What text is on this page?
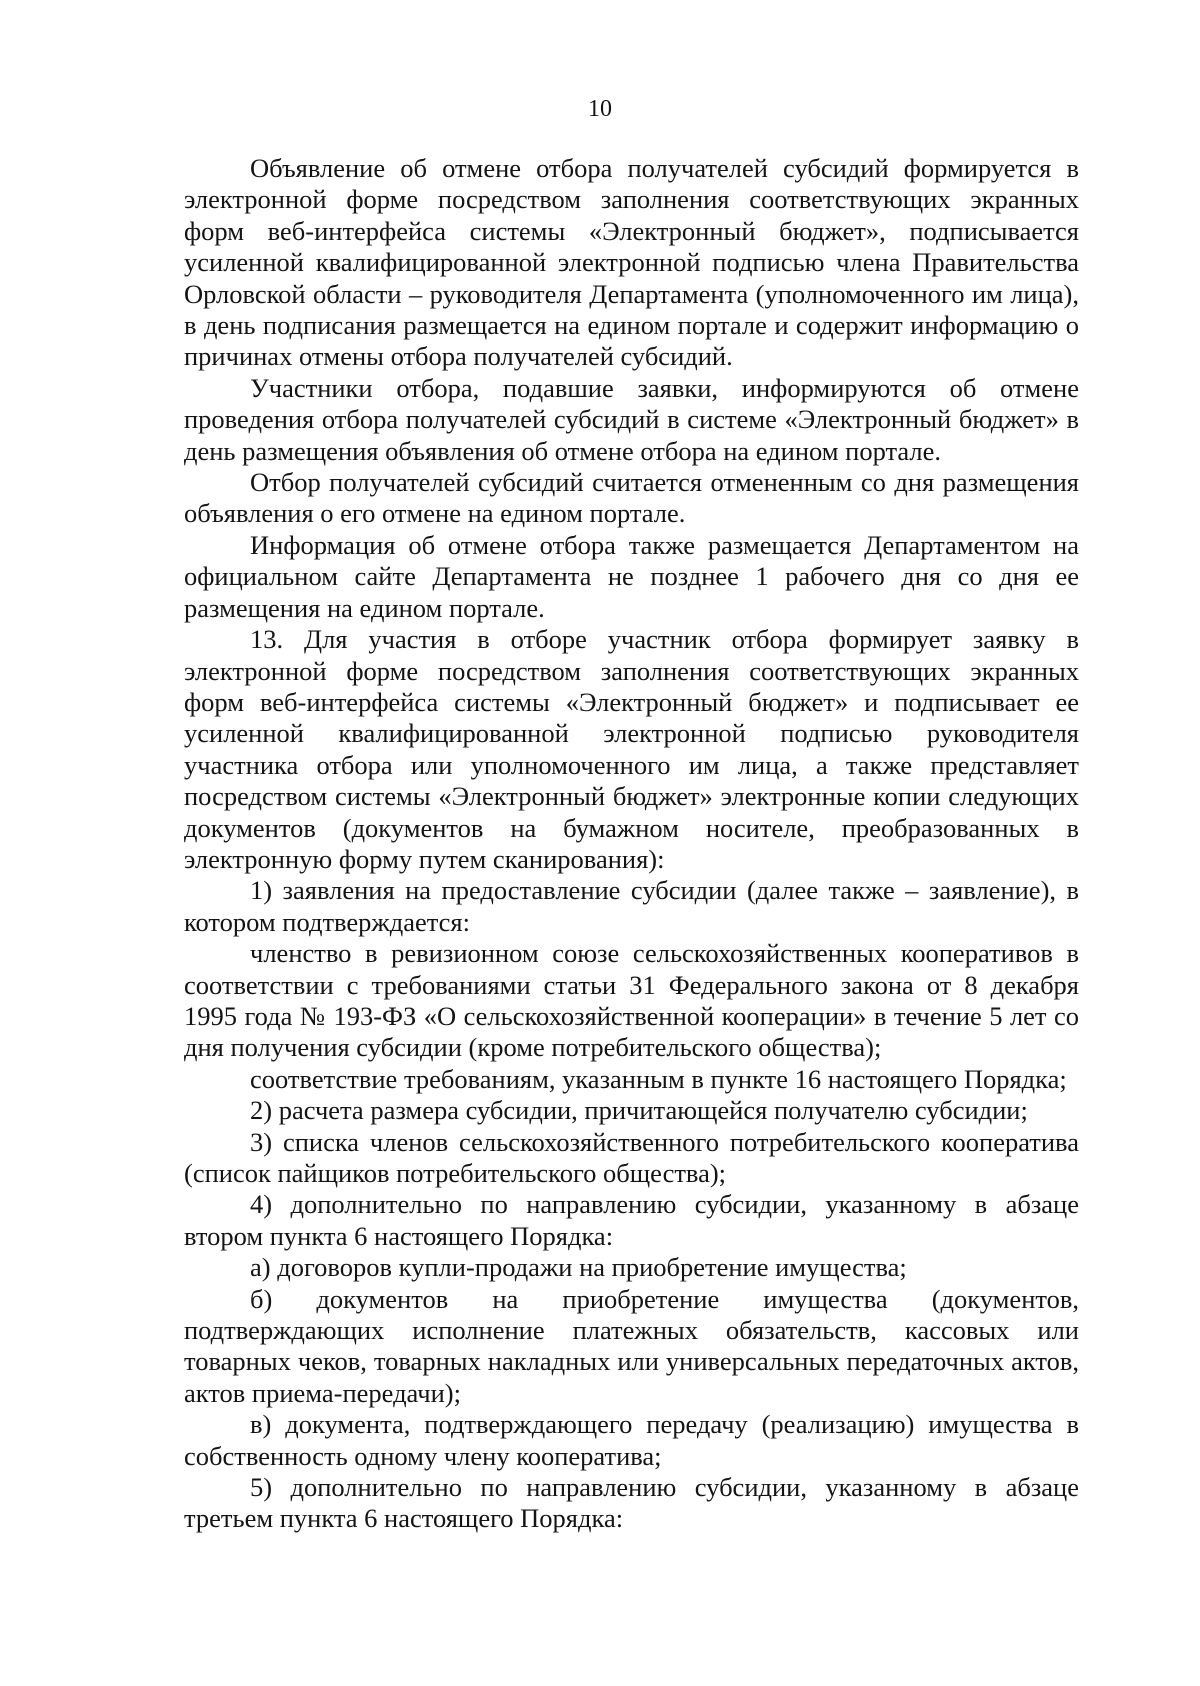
10

Объявление об отмене отбора получателей субсидий формируется в электронной форме посредством заполнения соответствующих экранных форм веб-интерфейса системы «Электронный бюджет», подписывается усиленной квалифицированной электронной подписью члена Правительства Орловской области – руководителя Департамента (уполномоченного им лица), в день подписания размещается на едином портале и содержит информацию о причинах отмены отбора получателей субсидий.

Участники отбора, подавшие заявки, информируются об отмене проведения отбора получателей субсидий в системе «Электронный бюджет» в день размещения объявления об отмене отбора на едином портале.

Отбор получателей субсидий считается отмененным со дня размещения объявления о его отмене на едином портале.

Информация об отмене отбора также размещается Департаментом на официальном сайте Департамента не позднее 1 рабочего дня со дня ее размещения на едином портале.

13. Для участия в отборе участник отбора формирует заявку в электронной форме посредством заполнения соответствующих экранных форм веб-интерфейса системы «Электронный бюджет» и подписывает ее усиленной квалифицированной электронной подписью руководителя участника отбора или уполномоченного им лица, а также представляет посредством системы «Электронный бюджет» электронные копии следующих документов (документов на бумажном носителе, преобразованных в электронную форму путем сканирования):

1) заявления на предоставление субсидии (далее также – заявление), в котором подтверждается:

членство в ревизионном союзе сельскохозяйственных кооперативов в соответствии с требованиями статьи 31 Федерального закона от 8 декабря 1995 года № 193-ФЗ «О сельскохозяйственной кооперации» в течение 5 лет со дня получения субсидии (кроме потребительского общества);

соответствие требованиям, указанным в пункте 16 настоящего Порядка;

2) расчета размера субсидии, причитающейся получателю субсидии;

3) списка членов сельскохозяйственного потребительского кооператива (список пайщиков потребительского общества);

4) дополнительно по направлению субсидии, указанному в абзаце втором пункта 6 настоящего Порядка:

а) договоров купли-продажи на приобретение имущества;

б) документов на приобретение имущества (документов, подтверждающих исполнение платежных обязательств, кассовых или товарных чеков, товарных накладных или универсальных передаточных актов, актов приема-передачи);

в) документа, подтверждающего передачу (реализацию) имущества в собственность одному члену кооператива;

5) дополнительно по направлению субсидии, указанному в абзаце третьем пункта 6 настоящего Порядка:
